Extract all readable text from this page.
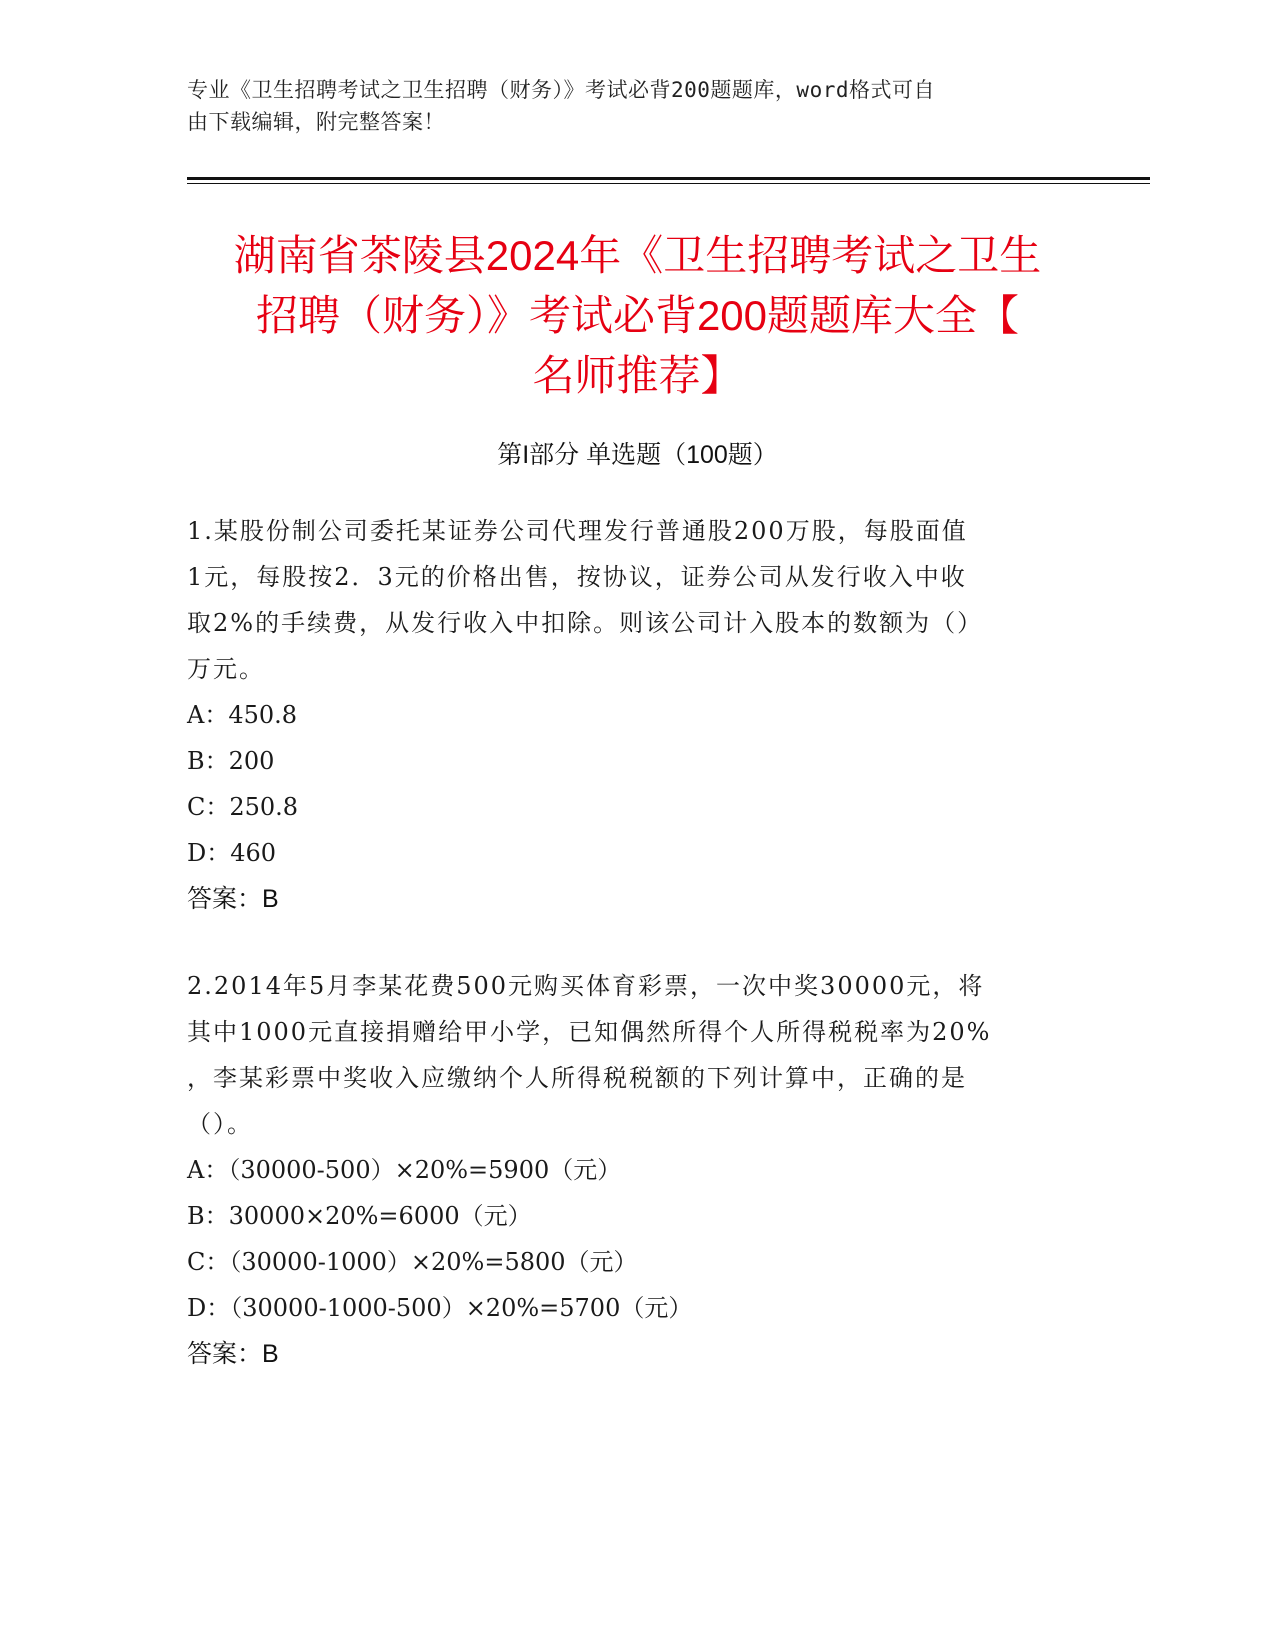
专业《卫生招聘考试之卫生招聘（财务）》考试必背200题题库，word格式可自
由下载编辑，附完整答案！
湖南省茶陵县2024年《卫生招聘考试之卫生
招聘（财务）》考试必背200题题库大全【
名师推荐】
第I部分 单选题（100题）
1.某股份制公司委托某证券公司代理发行普通股200万股，每股面值
1元，每股按2．3元的价格出售，按协议，证券公司从发行收入中收
取2%的手续费，从发行收入中扣除。则该公司计入股本的数额为（）
万元。
A：450.8
B：200
C：250.8
D：460
答案：B
2.2014年5月李某花费500元购买体育彩票，一次中奖30000元，将
其中1000元直接捐赠给甲小学，已知偶然所得个人所得税税率为20%
，李某彩票中奖收入应缴纳个人所得税税额的下列计算中，正确的是
（）。
A：（30000-500）×20%=5900（元）
B：30000×20%=6000（元）
C：（30000-1000）×20%=5800（元）
D：（30000-1000-500）×20%=5700（元）
答案：B
